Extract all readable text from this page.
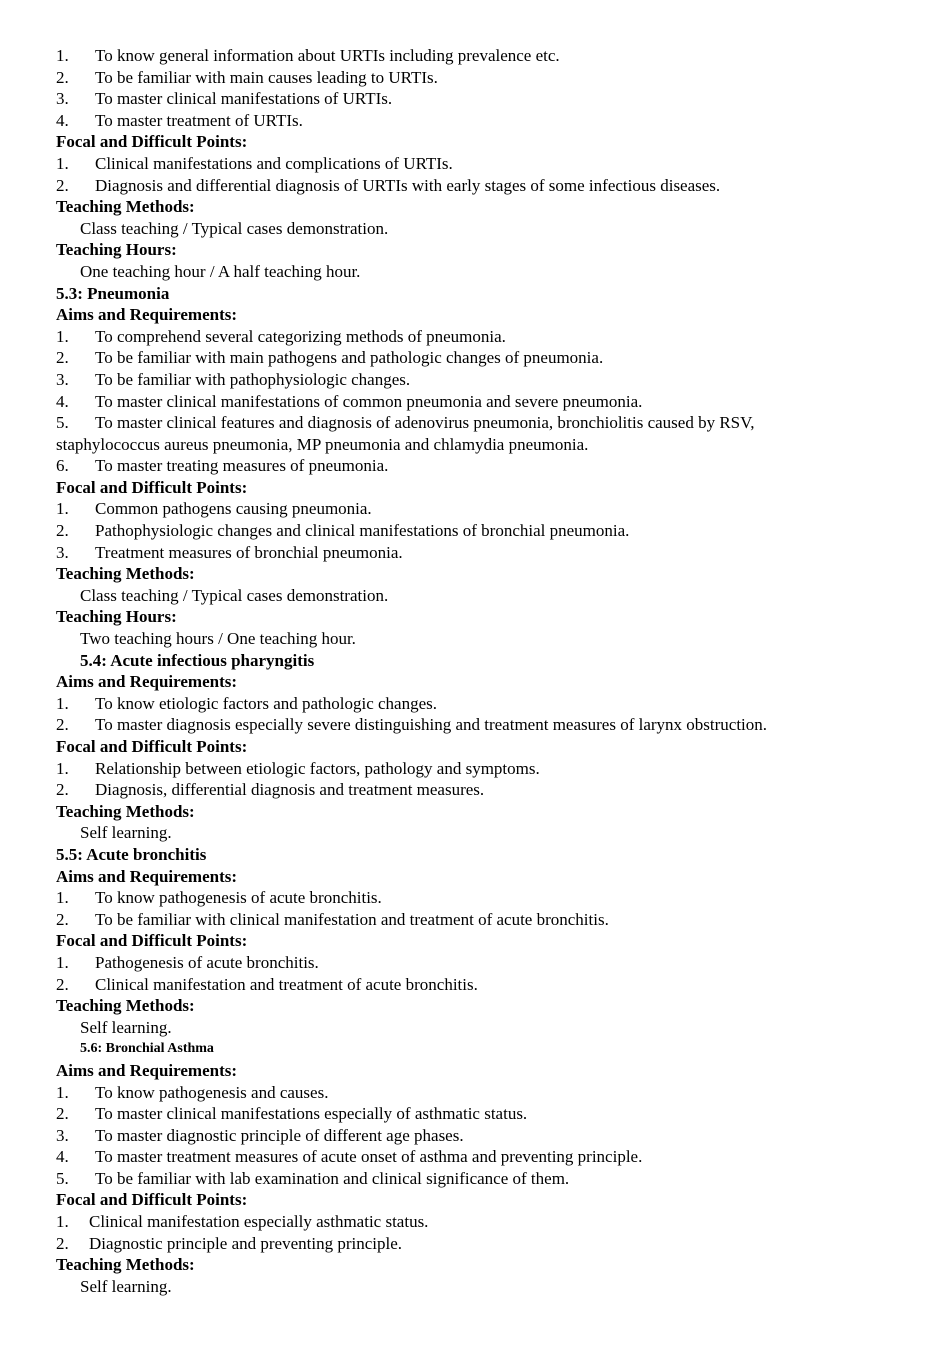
1. To know general information about URTIs including prevalence etc.
2. To be familiar with main causes leading to URTIs.
3. To master clinical manifestations of URTIs.
4. To master treatment of URTIs.
Focal and Difficult Points:
1. Clinical manifestations and complications of URTIs.
2. Diagnosis and differential diagnosis of URTIs with early stages of some infectious diseases.
Teaching Methods:
Class teaching / Typical cases demonstration.
Teaching Hours:
One teaching hour / A half teaching hour.
5.3: Pneumonia
Aims and Requirements:
1. To comprehend several categorizing methods of pneumonia.
2. To be familiar with main pathogens and pathologic changes of pneumonia.
3. To be familiar with pathophysiologic changes.
4. To master clinical manifestations of common pneumonia and severe pneumonia.
5. To master clinical features and diagnosis of adenovirus pneumonia, bronchiolitis caused by RSV,
staphylococcus aureus pneumonia, MP pneumonia and chlamydia pneumonia.
6. To master treating measures of pneumonia.
Focal and Difficult Points:
1. Common pathogens causing pneumonia.
2. Pathophysiologic changes and clinical manifestations of bronchial pneumonia.
3. Treatment measures of bronchial pneumonia.
Teaching Methods:
Class teaching / Typical cases demonstration.
Teaching Hours:
Two teaching hours / One teaching hour.
5.4: Acute infectious pharyngitis
Aims and Requirements:
1. To know etiologic factors and pathologic changes.
2. To master diagnosis especially severe distinguishing and treatment measures of larynx obstruction.
Focal and Difficult Points:
1. Relationship between etiologic factors, pathology and symptoms.
2. Diagnosis, differential diagnosis and treatment measures.
Teaching Methods:
Self learning.
5.5: Acute bronchitis
Aims and Requirements:
1. To know pathogenesis of acute bronchitis.
2. To be familiar with clinical manifestation and treatment of acute bronchitis.
Focal and Difficult Points:
1. Pathogenesis of acute bronchitis.
2. Clinical manifestation and treatment of acute bronchitis.
Teaching Methods:
Self learning.
5.6: Bronchial Asthma
Aims and Requirements:
1. To know pathogenesis and causes.
2. To master clinical manifestations especially of asthmatic status.
3. To master diagnostic principle of different age phases.
4. To master treatment measures of acute onset of asthma and preventing principle.
5. To be familiar with lab examination and clinical significance of them.
Focal and Difficult Points:
1. Clinical manifestation especially asthmatic status.
2. Diagnostic principle and preventing principle.
Teaching Methods:
Self learning.
